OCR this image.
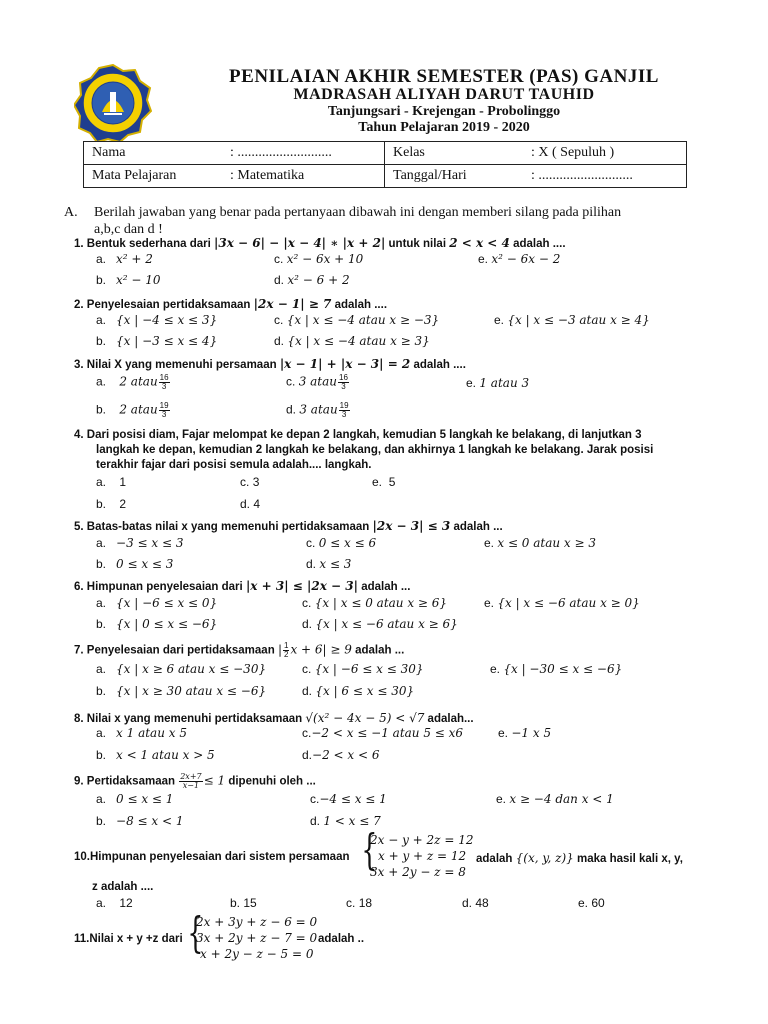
PENILAIAN AKHIR SEMESTER (PAS) GANJIL
MADRASAH ALIYAH DARUT TAUHID
Tanjungsari - Krejengan - Probolinggo
Tahun Pelajaran 2019 - 2020
Nama : ...........................	Kelas : X ( Sepuluh )
Mata Pelajaran : Matematika	Tanggal/Hari : ...........................
A. Berilah jawaban yang benar pada pertanyaan dibawah ini dengan memberi silang pada pilihan
a,b,c dan d !
1. Bentuk sederhana dari |3x − 6| − |x − 4| ∗ |x + 2| untuk nilai 2 < x < 4 adalah ....
a. x² + 2	c. x² − 6x + 10	e. x² − 6x − 2
b. x² − 10	d. x² − 6 + 2
2. Penyelesaian pertidaksamaan |2x − 1| ≥ 7 adalah ....
a. {x | −4 ≤ x ≤ 3}	c. {x | x ≤ −4 atau x ≥ −3}	e. {x | x ≤ −3 atau x ≥ 4}
b. {x | −3 ≤ x ≤ 4}	d. {x | x ≤ −4 atau x ≥ 3}
3. Nilai X yang memenuhi persamaan |x − 1| + |x − 3| = 2 adalah ....
a. 2 atau $\frac{16}{3}$	c. 3 atau $\frac{16}{3}$	e. 1 atau 3
b. 2 atau $\frac{19}{3}$	d. 3 atau $\frac{19}{3}$
4. Dari posisi diam, Fajar melompat ke depan 2 langkah, kemudian 5 langkah ke belakang, di lanjutkan 3
langkah ke depan, kemudian 2 langkah ke belakang, dan akhirnya 1 langkah ke belakang. Jarak posisi
terakhir fajar dari posisi semula adalah.... langkah.
a. 1	c. 3	e. 5
b. 2	d. 4
5. Batas-batas nilai x yang memenuhi pertidaksamaan |2x − 3| ≤ 3 adalah ...
a. −3 ≤ x ≤ 3	c. 0 ≤ x ≤ 6	e. x ≤ 0 atau x ≥ 3
b. 0 ≤ x ≤ 3	d. x ≤ 3
6. Himpunan penyelesaian dari |x + 3| ≤ |2x − 3| adalah ...
a. {x | −6 ≤ x ≤ 0}	c. {x | x ≤ 0 atau x ≥ 6}	e. {x | x ≤ −6 atau x ≥ 0}
b. {x | 0 ≤ x ≤ −6}	d. {x | x ≤ −6 atau x ≥ 6}
7. Penyelesaian dari pertidaksamaan | $\frac{1}{2}$ x + 6| ≥ 9 adalah ...
a. {x | x ≥ 6 atau x ≤ −30}	c. {x | −6 ≤ x ≤ 30}	e. {x | −30 ≤ x ≤ −6}
b. {x | x ≥ 30 atau x ≤ −6}	d. {x | 6 ≤ x ≤ 30}
8. Nilai x yang memenuhi pertidaksamaan √(x² − 4x − 5) < √7 adalah...
a. x 1 atau x 5	c.−2 < x ≤ −1 atau 5 ≤ x6	e. −1 x 5
b. x < 1 atau x > 5	d.−2 < x < 6
9. Pertidaksamaan $\frac{2x+7}{x-1} \le 1$ dipenuhi oleh ...
a. 0 ≤ x ≤ 1	c.−4 ≤ x ≤ 1	e. x ≥ −4 dan x < 1
b. −8 ≤ x < 1	d. 1 < x ≤ 7
10.Himpunan penyelesaian dari sistem persamaan {
2x − y + 2z = 12
x + y + z = 12
3x + 2y − z = 8
adalah {(x, y, z)} maka hasil kali x, y,
z adalah ....
a. 12	b. 15	c. 18	d. 48	e. 60
11.Nilai x + y +z dari {
2x + 3y + z − 6 = 0
3x + 2y + z − 7 = 0
x + 2y − z − 5 = 0
adalah ..
